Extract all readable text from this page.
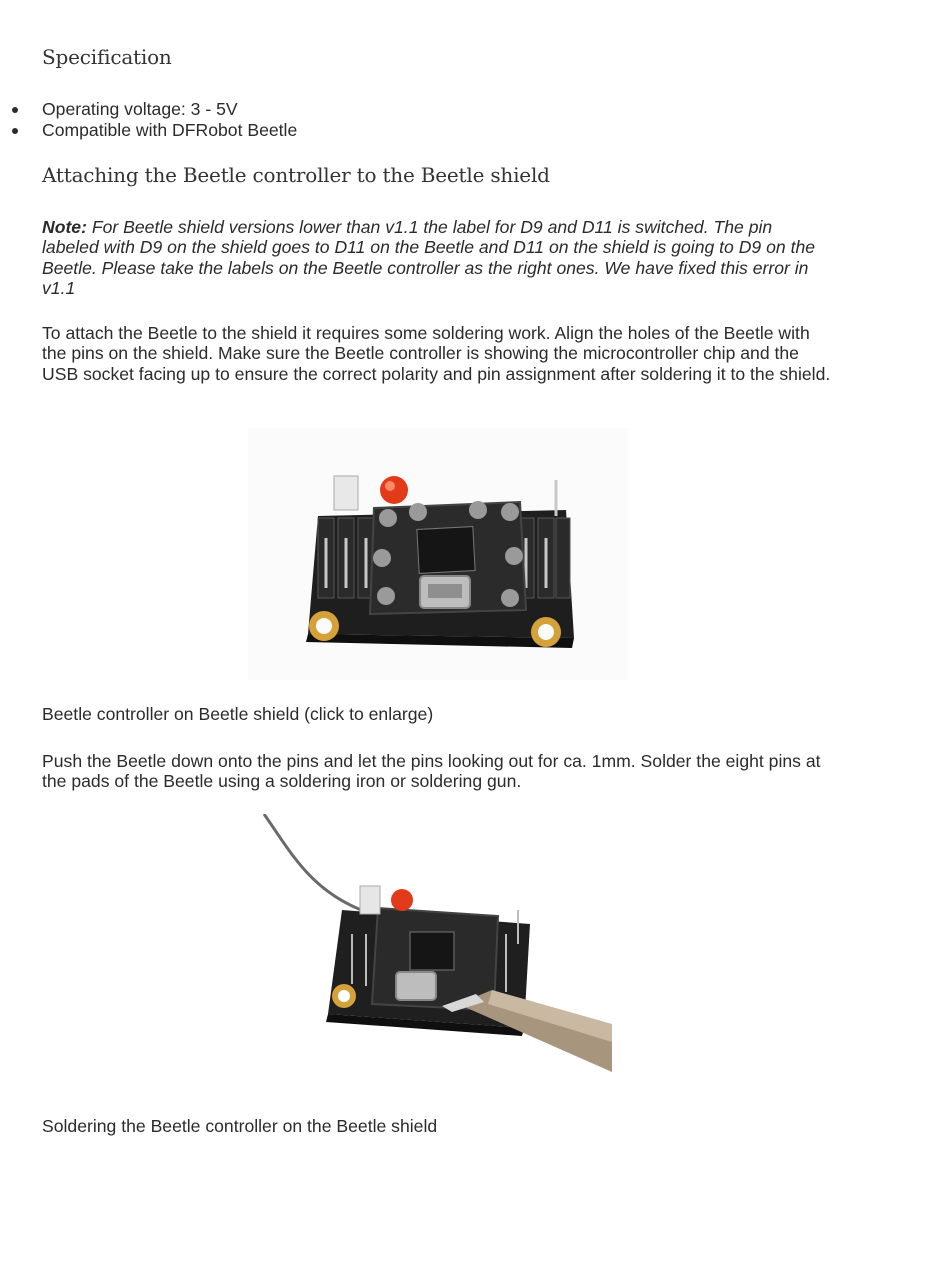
Specification
Operating voltage: 3 - 5V
Compatible with DFRobot Beetle
Attaching the Beetle controller to the Beetle shield

Note: For Beetle shield versions lower than v1.1 the label for D9 and D11 is switched. The pin labeled with D9 on the shield goes to D11 on the Beetle and D11 on the shield is going to D9 on the Beetle. Please take the labels on the Beetle controller as the right ones. We have fixed this error in v1.1

To attach the Beetle to the shield it requires some soldering work. Align the holes of the Beetle with the pins on the shield. Make sure the Beetle controller is showing the microcontroller chip and the USB socket facing up to ensure the correct polarity and pin assignment after soldering it to the shield.

Beetle controller on Beetle shield (click to enlarge)

Push the Beetle down onto the pins and let the pins looking out for ca. 1mm. Solder the eight pins at the pads of the Beetle using a soldering iron or soldering gun.

Soldering the Beetle controller on the Beetle shield
